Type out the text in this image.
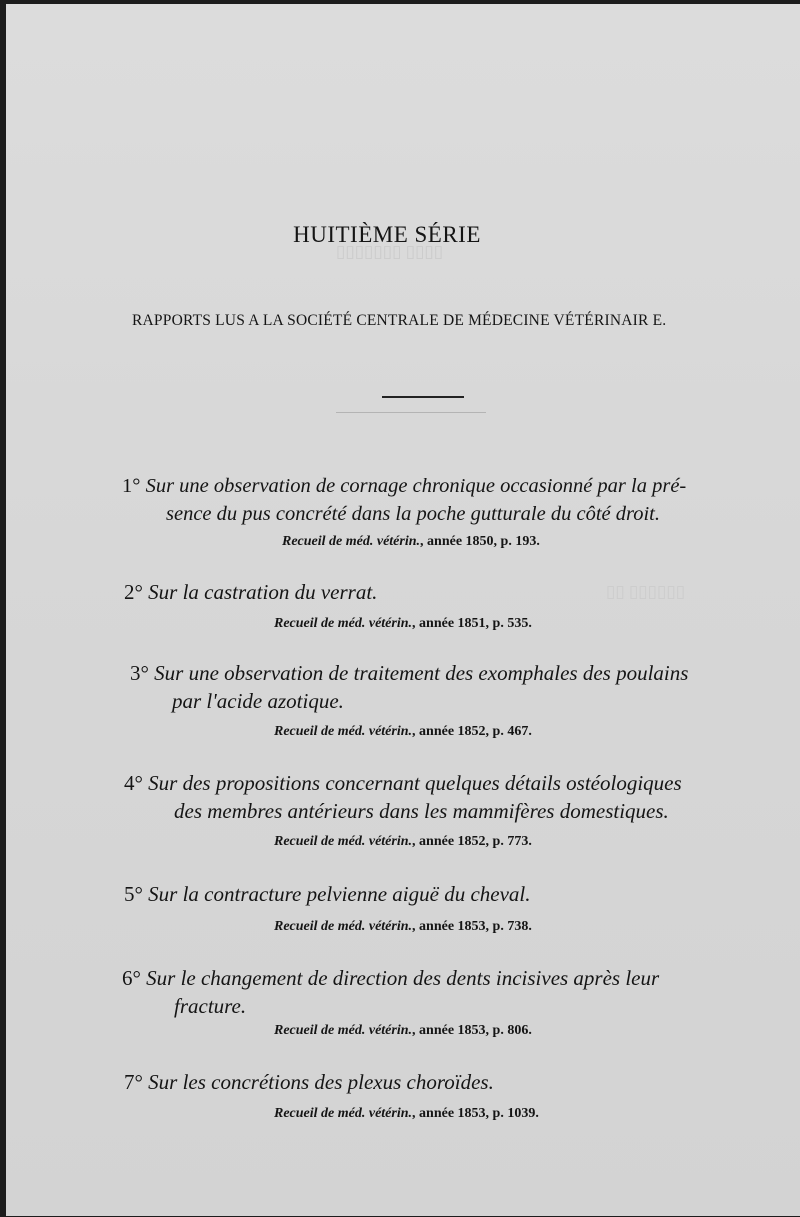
▯▯▯▯ ▯▯▯▯▯▯▯
▯▯▯▯▯▯ ▯▯
HUITIÈME SÉRIE
RAPPORTS LUS A LA SOCIÉTÉ CENTRALE DE MÉDECINE VÉTÉRINAIR E.
1° Sur une observation de cornage chronique occasionné par la pré-
sence du pus concrété dans la poche gutturale du côté droit.
Recueil de méd. vétérin., année 1850, p. 193.
2° Sur la castration du verrat.
Recueil de méd. vétérin., année 1851, p. 535.
3° Sur une observation de traitement des exomphales des poulains
par l'acide azotique.
Recueil de méd. vétérin., année 1852, p. 467.
4° Sur des propositions concernant quelques détails ostéologiques
des membres antérieurs dans les mammifères domestiques.
Recueil de méd. vétérin., année 1852, p. 773.
5° Sur la contracture pelvienne aiguë du cheval.
Recueil de méd. vétérin., année 1853, p. 738.
6° Sur le changement de direction des dents incisives après leur
fracture.
Recueil de méd. vétérin., année 1853, p. 806.
7° Sur les concrétions des plexus choroïdes.
Recueil de méd. vétérin., année 1853, p. 1039.
